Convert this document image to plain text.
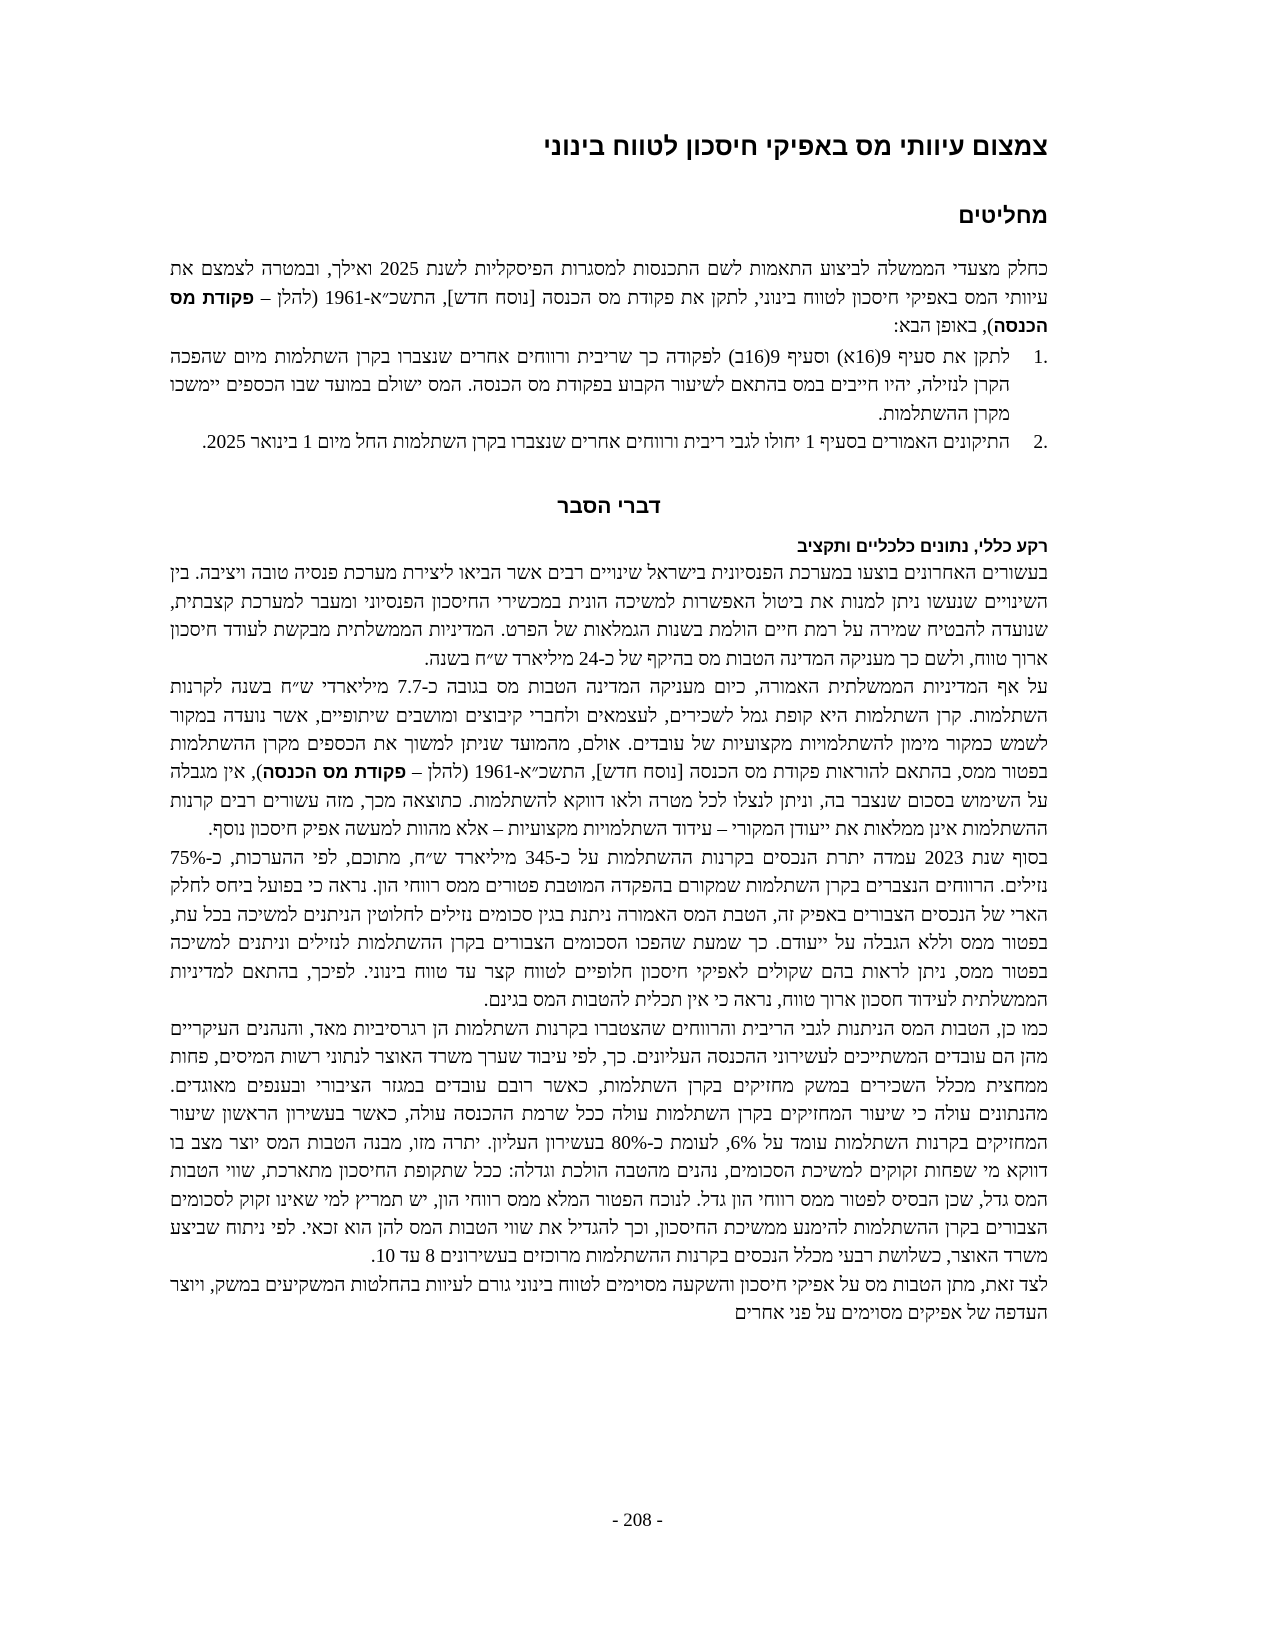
צמצום עיוותי מס באפיקי חיסכון לטווח בינוני
מחליטים

כחלק מצעדי הממשלה לביצוע התאמות לשם התכנסות למסגרות הפיסקליות לשנת 2025 ואילך, ובמטרה לצמצם את עיוותי המס באפיקי חיסכון לטווח בינוני, לתקן את פקודת מס הכנסה [נוסח חדש], התשכ״א-1961 (להלן – פקודת מס הכנסה), באופן הבא:

לתקן את סעיף 9(16א) וסעיף 9(16ב) לפקודה כך שריבית ורווחים אחרים שנצברו בקרן השתלמות מיום שהפכה הקרן לנזילה, יהיו חייבים במס בהתאם לשיעור הקבוע בפקודת מס הכנסה. המס ישולם במועד שבו הכספים יימשכו מקרן ההשתלמות.
התיקונים האמורים בסעיף 1 יחולו לגבי ריבית ורווחים אחרים שנצברו בקרן השתלמות החל מיום 1 בינואר 2025.
דברי הסבר
רקע כללי, נתונים כלכליים ותקציב

בעשורים האחרונים בוצעו במערכת הפנסיונית בישראל שינויים רבים אשר הביאו ליצירת מערכת פנסיה טובה ויציבה. בין השינויים שנעשו ניתן למנות את ביטול האפשרות למשיכה הונית במכשירי החיסכון הפנסיוני ומעבר למערכת קצבתית, שנועדה להבטיח שמירה על רמת חיים הולמת בשנות הגמלאות של הפרט. המדיניות הממשלתית מבקשת לעודד חיסכון ארוך טווח, ולשם כך מעניקה המדינה הטבות מס בהיקף של כ-24 מיליארד ש״ח בשנה.

על אף המדיניות הממשלתית האמורה, כיום מעניקה המדינה הטבות מס בגובה כ-7.7 מיליארדי ש״ח בשנה לקרנות השתלמות. קרן השתלמות היא קופת גמל לשכירים, לעצמאים ולחברי קיבוצים ומושבים שיתופיים, אשר נועדה במקור לשמש כמקור מימון להשתלמויות מקצועיות של עובדים. אולם, מהמועד שניתן למשוך את הכספים מקרן ההשתלמות בפטור ממס, בהתאם להוראות פקודת מס הכנסה [נוסח חדש], התשכ״א-1961 (להלן – פקודת מס הכנסה), אין מגבלה על השימוש בסכום שנצבר בה, וניתן לנצלו לכל מטרה ולאו דווקא להשתלמות. כתוצאה מכך, מזה עשורים רבים קרנות ההשתלמות אינן ממלאות את ייעודן המקורי – עידוד השתלמויות מקצועיות – אלא מהוות למעשה אפיק חיסכון נוסף.

בסוף שנת 2023 עמדה יתרת הנכסים בקרנות ההשתלמות על כ-345 מיליארד ש״ח, מתוכם, לפי ההערכות, כ-75% נזילים. הרווחים הנצברים בקרן השתלמות שמקורם בהפקדה המוטבת פטורים ממס רווחי הון. נראה כי בפועל ביחס לחלק הארי של הנכסים הצבורים באפיק זה, הטבת המס האמורה ניתנת בגין סכומים נזילים לחלוטין הניתנים למשיכה בכל עת, בפטור ממס וללא הגבלה על ייעודם. כך שמעת שהפכו הסכומים הצבורים בקרן ההשתלמות לנזילים וניתנים למשיכה בפטור ממס, ניתן לראות בהם שקולים לאפיקי חיסכון חלופיים לטווח קצר עד טווח בינוני. לפיכך, בהתאם למדיניות הממשלתית לעידוד חסכון ארוך טווח, נראה כי אין תכלית להטבות המס בגינם.

כמו כן, הטבות המס הניתנות לגבי הריבית והרווחים שהצטברו בקרנות השתלמות הן רגרסיביות מאד, והנהנים העיקריים מהן הם עובדים המשתייכים לעשירוני ההכנסה העליונים. כך, לפי עיבוד שערך משרד האוצר לנתוני רשות המיסים, פחות ממחצית מכלל השכירים במשק מחזיקים בקרן השתלמות, כאשר רובם עובדים במגזר הציבורי ובענפים מאוגדים. מהנתונים עולה כי שיעור המחזיקים בקרן השתלמות עולה ככל שרמת ההכנסה עולה, כאשר בעשירון הראשון שיעור המחזיקים בקרנות השתלמות עומד על 6%, לעומת כ-80% בעשירון העליון. יתרה מזו, מבנה הטבות המס יוצר מצב בו דווקא מי שפחות זקוקים למשיכת הסכומים, נהנים מהטבה הולכת וגדלה: ככל שתקופת החיסכון מתארכת, שווי הטבות המס גדל, שכן הבסיס לפטור ממס רווחי הון גדל. לנוכח הפטור המלא ממס רווחי הון, יש תמריץ למי שאינו זקוק לסכומים הצבורים בקרן ההשתלמות להימנע ממשיכת החיסכון, וכך להגדיל את שווי הטבות המס להן הוא זכאי. לפי ניתוח שביצע משרד האוצר, כשלושת רבעי מכלל הנכסים בקרנות ההשתלמות מרוכזים בעשירונים 8 עד 10.

לצד זאת, מתן הטבות מס על אפיקי חיסכון והשקעה מסוימים לטווח בינוני גורם לעיוות בהחלטות המשקיעים במשק, ויוצר העדפה של אפיקים מסוימים על פני אחרים

- 208 -
